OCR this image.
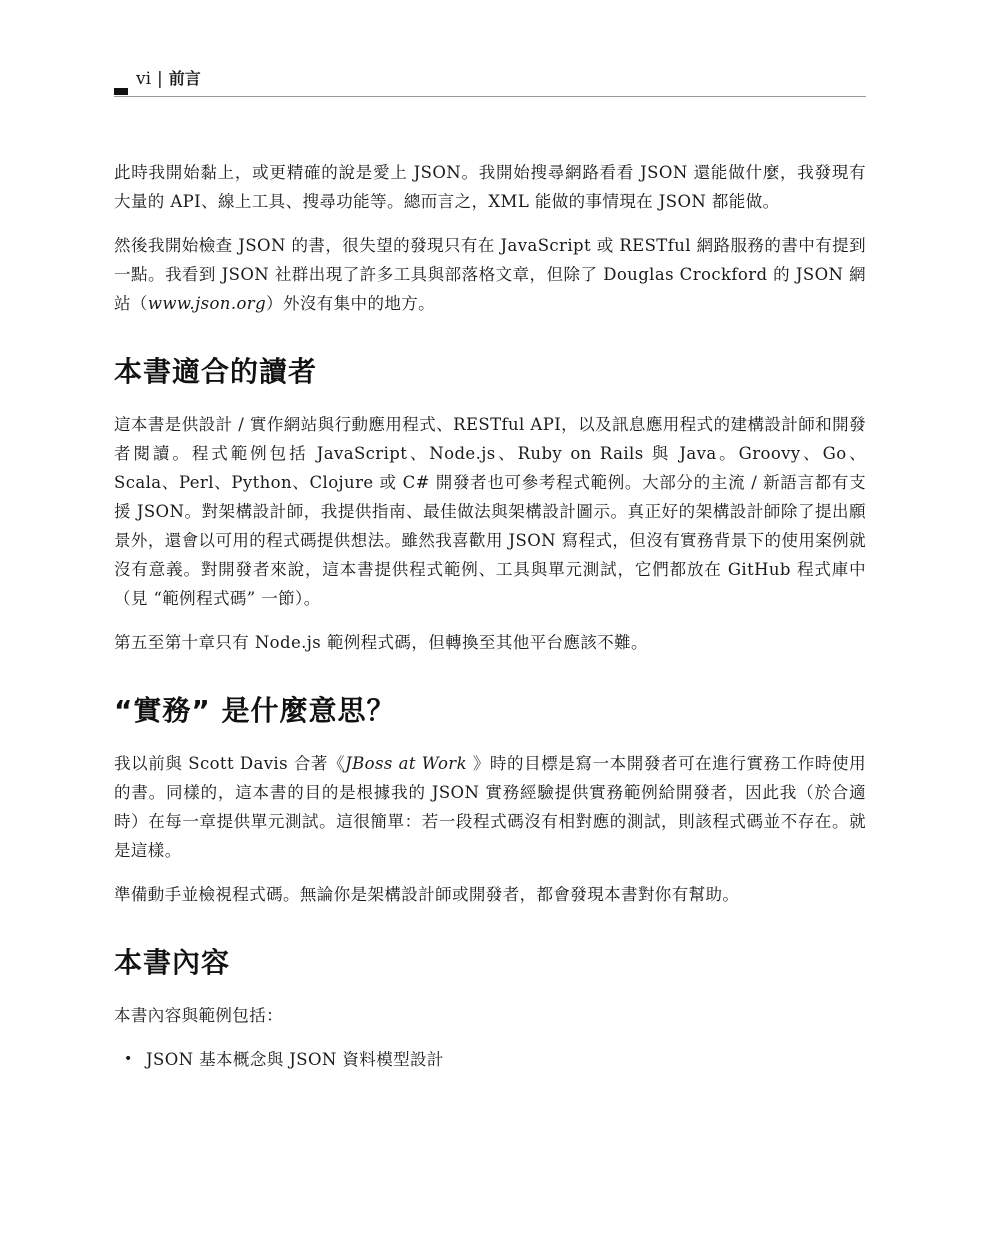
vi | 前言

此時我開始黏上，或更精確的說是愛上 JSON。我開始搜尋網路看看 JSON 還能做什麼，我發現有大量的 API、線上工具、搜尋功能等。總而言之，XML 能做的事情現在 JSON 都能做。

然後我開始檢查 JSON 的書，很失望的發現只有在 JavaScript 或 RESTful 網路服務的書中有提到一點。我看到 JSON 社群出現了許多工具與部落格文章，但除了 Douglas Crockford 的 JSON 網站（www.json.org）外沒有集中的地方。

本書適合的讀者

這本書是供設計 / 實作網站與行動應用程式、RESTful API，以及訊息應用程式的建構設計師和開發者閱讀。程式範例包括 JavaScript、Node.js、Ruby on Rails 與 Java。Groovy、Go、Scala、Perl、Python、Clojure 或 C# 開發者也可參考程式範例。大部分的主流 / 新語言都有支援 JSON。對架構設計師，我提供指南、最佳做法與架構設計圖示。真正好的架構設計師除了提出願景外，還會以可用的程式碼提供想法。雖然我喜歡用 JSON 寫程式，但沒有實務背景下的使用案例就沒有意義。對開發者來說，這本書提供程式範例、工具與單元測試，它們都放在 GitHub 程式庫中（見 “範例程式碼” 一節）。

第五至第十章只有 Node.js 範例程式碼，但轉換至其他平台應該不難。

“實務” 是什麼意思？

我以前與 Scott Davis 合著《JBoss at Work 》時的目標是寫一本開發者可在進行實務工作時使用的書。同樣的，這本書的目的是根據我的 JSON 實務經驗提供實務範例給開發者，因此我（於合適時）在每一章提供單元測試。這很簡單：若一段程式碼沒有相對應的測試，則該程式碼並不存在。就是這樣。

準備動手並檢視程式碼。無論你是架構設計師或開發者，都會發現本書對你有幫助。

本書內容

本書內容與範例包括：

• JSON 基本概念與 JSON 資料模型設計
